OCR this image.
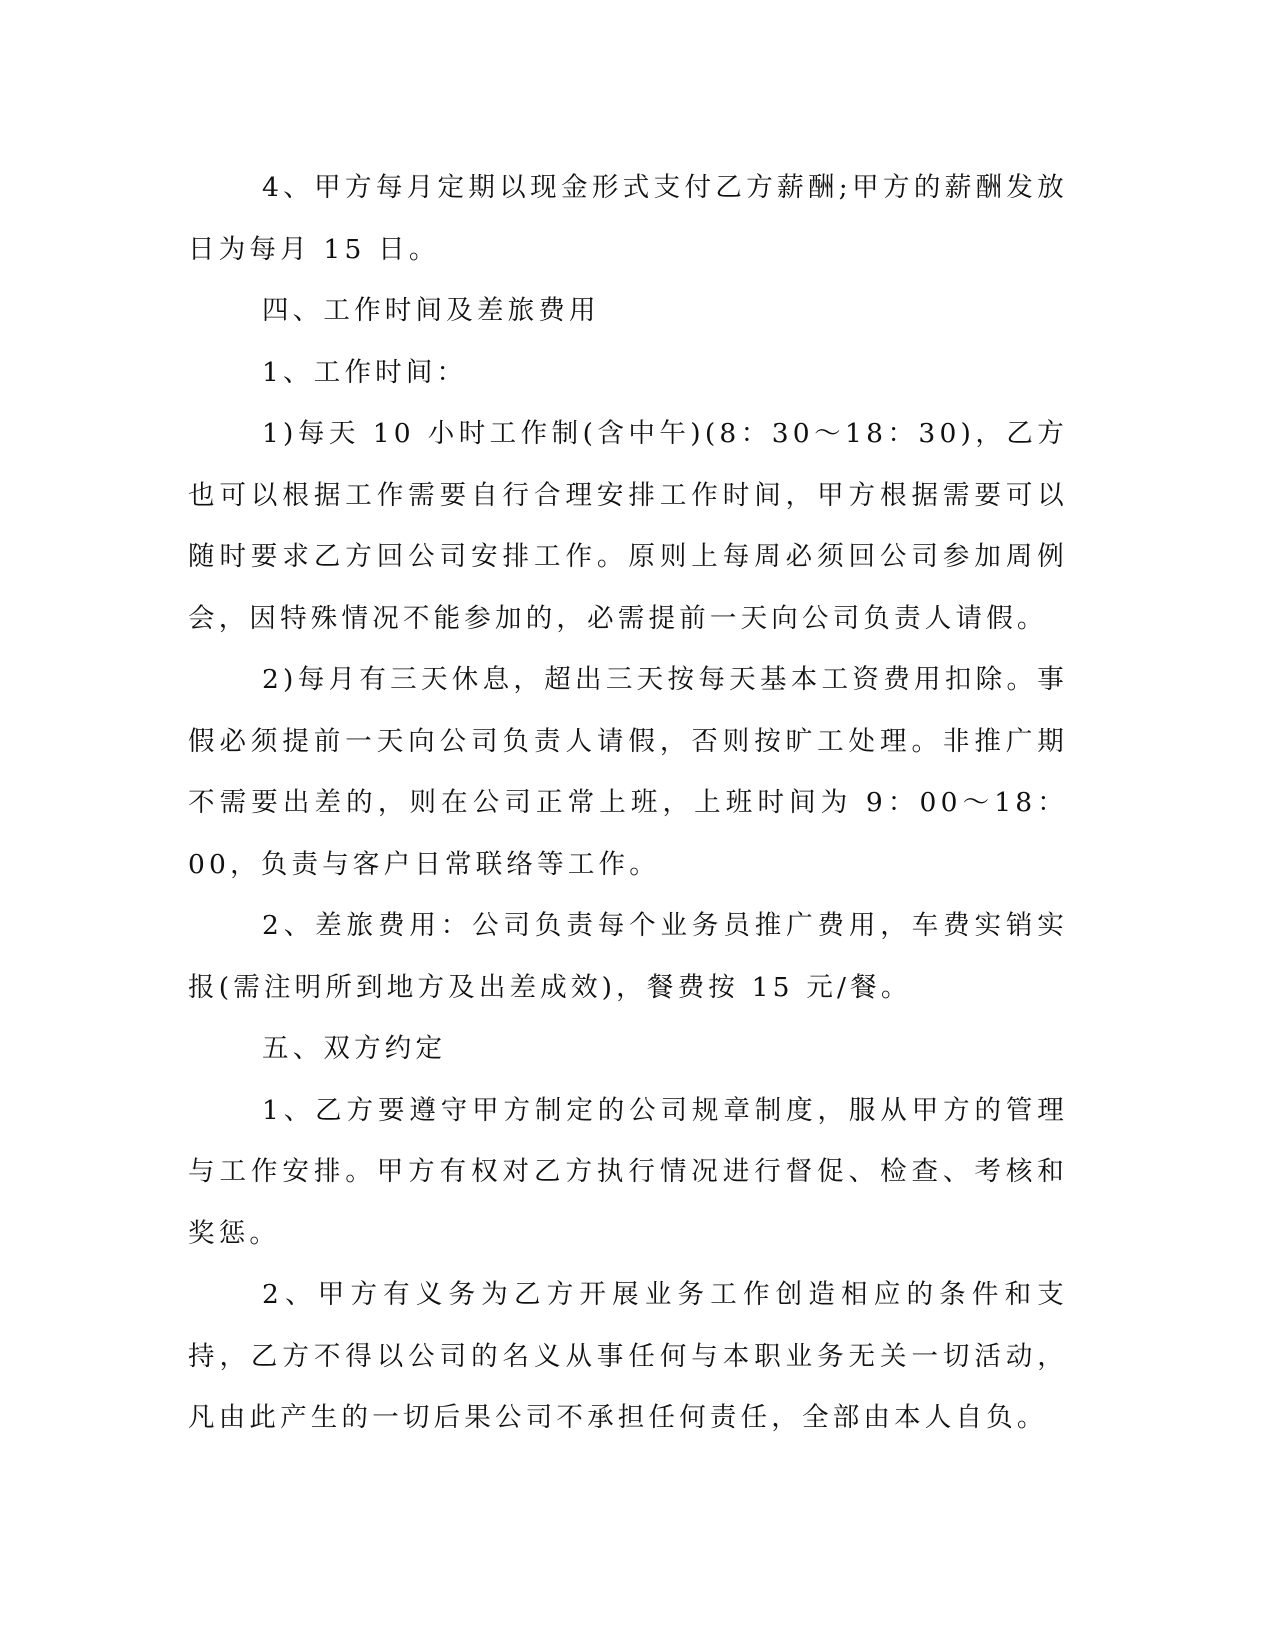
4、甲方每月定期以现金形式支付乙方薪酬;甲方的薪酬发放日为每月 15 日。

四、工作时间及差旅费用

1、工作时间：

1)每天 10 小时工作制(含中午)(8：30～18：30)，乙方也可以根据工作需要自行合理安排工作时间，甲方根据需要可以随时要求乙方回公司安排工作。原则上每周必须回公司参加周例会，因特殊情况不能参加的，必需提前一天向公司负责人请假。

2)每月有三天休息，超出三天按每天基本工资费用扣除。事假必须提前一天向公司负责人请假，否则按旷工处理。非推广期不需要出差的，则在公司正常上班，上班时间为 9：00～18：00，负责与客户日常联络等工作。

2、差旅费用：公司负责每个业务员推广费用，车费实销实报(需注明所到地方及出差成效)，餐费按 15 元/餐。

五、双方约定

1、乙方要遵守甲方制定的公司规章制度，服从甲方的管理与工作安排。甲方有权对乙方执行情况进行督促、检查、考核和奖惩。

2、甲方有义务为乙方开展业务工作创造相应的条件和支持，乙方不得以公司的名义从事任何与本职业务无关一切活动，凡由此产生的一切后果公司不承担任何责任，全部由本人自负。
